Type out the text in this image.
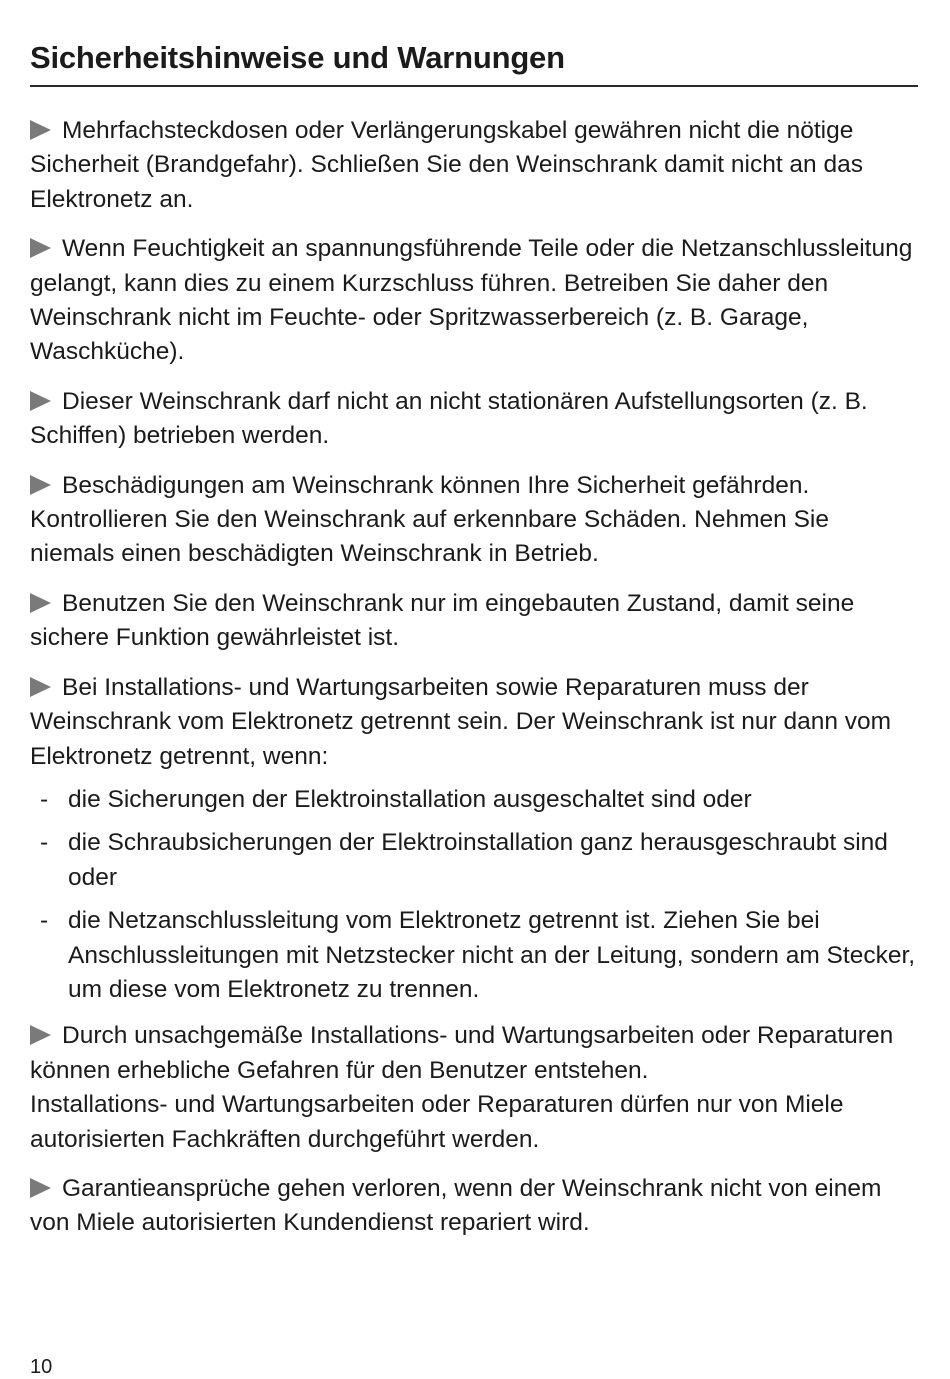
Sicherheitshinweise und Warnungen

Mehrfachsteckdosen oder Verlängerungskabel gewähren nicht die nötige Sicherheit (Brandgefahr). Schließen Sie den Weinschrank damit nicht an das Elektronetz an.

Wenn Feuchtigkeit an spannungsführende Teile oder die Netzanschlussleitung gelangt, kann dies zu einem Kurzschluss führen. Betreiben Sie daher den Weinschrank nicht im Feuchte- oder Spritzwasserbereich (z. B. Garage, Waschküche).

Dieser Weinschrank darf nicht an nicht stationären Aufstellungsorten (z. B. Schiffen) betrieben werden.

Beschädigungen am Weinschrank können Ihre Sicherheit gefährden. Kontrollieren Sie den Weinschrank auf erkennbare Schäden. Nehmen Sie niemals einen beschädigten Weinschrank in Betrieb.

Benutzen Sie den Weinschrank nur im eingebauten Zustand, damit seine sichere Funktion gewährleistet ist.

Bei Installations- und Wartungsarbeiten sowie Reparaturen muss der Weinschrank vom Elektronetz getrennt sein. Der Weinschrank ist nur dann vom Elektronetz getrennt, wenn:

- die Sicherungen der Elektroinstallation ausgeschaltet sind oder
- die Schraubsicherungen der Elektroinstallation ganz herausgeschraubt sind oder
- die Netzanschlussleitung vom Elektronetz getrennt ist. Ziehen Sie bei Anschlussleitungen mit Netzstecker nicht an der Leitung, sondern am Stecker, um diese vom Elektronetz zu trennen.

Durch unsachgemäße Installations- und Wartungsarbeiten oder Reparaturen können erhebliche Gefahren für den Benutzer entstehen.
Installations- und Wartungsarbeiten oder Reparaturen dürfen nur von Miele autorisierten Fachkräften durchgeführt werden.

Garantieansprüche gehen verloren, wenn der Weinschrank nicht von einem von Miele autorisierten Kundendienst repariert wird.

10
